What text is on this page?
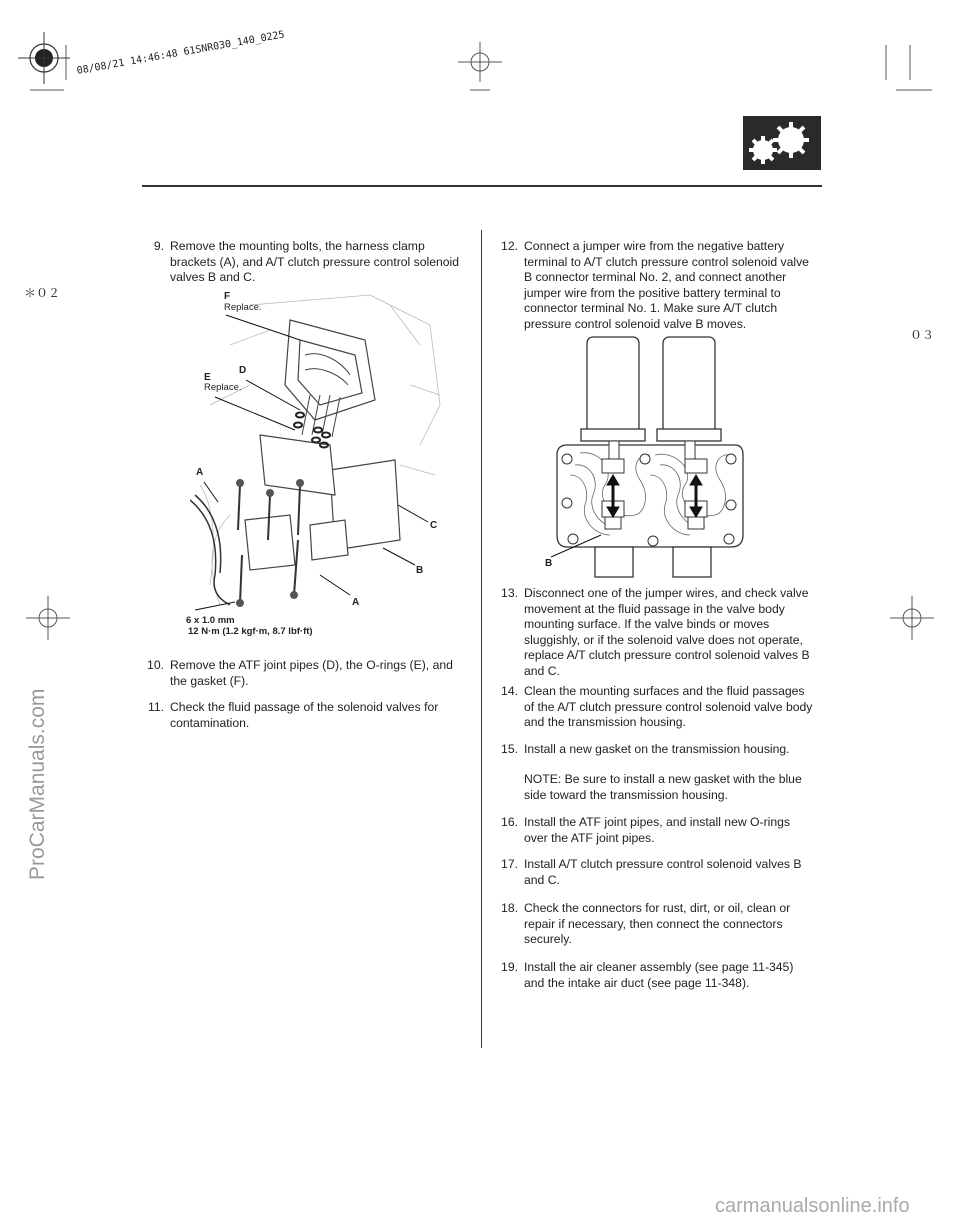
08/08/21 14:46:48 61SNR030_140_0225
＊０２
０３
ProCarManuals.com
9. Remove the mounting bolts, the harness clamp brackets (A), and A/T clutch pressure control solenoid valves B and C.
F
Replace.
D
E
Replace.
A
C
B
A
6 x 1.0 mm
12 N·m (1.2 kgf·m, 8.7 lbf·ft)
10. Remove the ATF joint pipes (D), the O-rings (E), and the gasket (F).
11. Check the fluid passage of the solenoid valves for contamination.
12. Connect a jumper wire from the negative battery terminal to A/T clutch pressure control solenoid valve B connector terminal No. 2, and connect another jumper wire from the positive battery terminal to connector terminal No. 1. Make sure A/T clutch pressure control solenoid valve B moves.
B
13. Disconnect one of the jumper wires, and check valve movement at the fluid passage in the valve body mounting surface. If the valve binds or moves sluggishly, or if the solenoid valve does not operate, replace A/T clutch pressure control solenoid valves B and C.
14. Clean the mounting surfaces and the fluid passages of the A/T clutch pressure control solenoid valve body and the transmission housing.
15. Install a new gasket on the transmission housing.
NOTE: Be sure to install a new gasket with the blue side toward the transmission housing.
16. Install the ATF joint pipes, and install new O-rings over the ATF joint pipes.
17. Install A/T clutch pressure control solenoid valves B and C.
18. Check the connectors for rust, dirt, or oil, clean or repair if necessary, then connect the connectors securely.
19. Install the air cleaner assembly (see page 11-345) and the intake air duct (see page 11-348).
carmanualsonline.info
